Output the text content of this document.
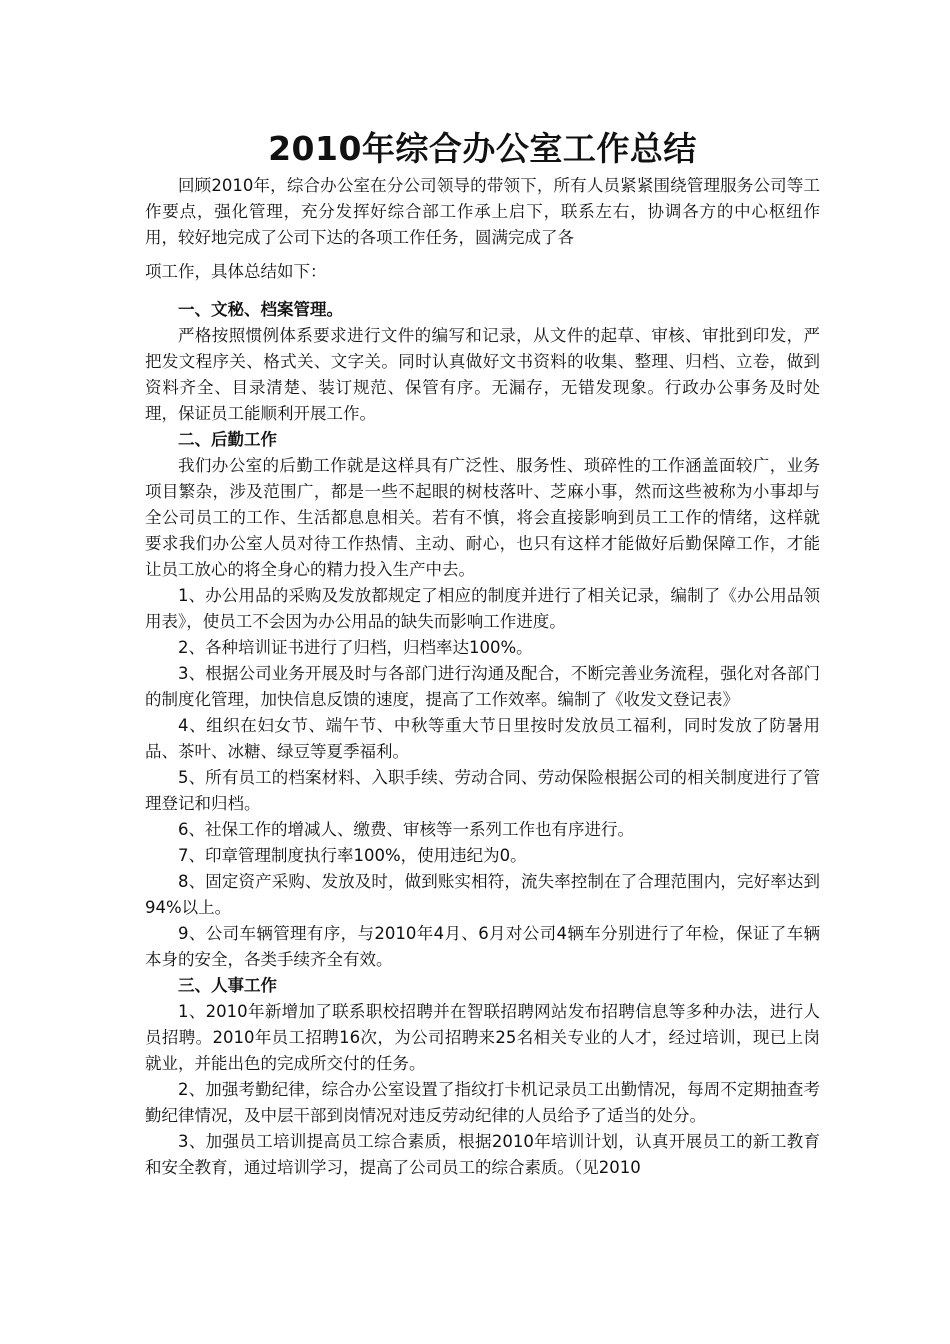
2010年综合办公室工作总结

回顾2010年，综合办公室在分公司领导的带领下，所有人员紧紧围绕管理服务公司等工作要点，强化管理，充分发挥好综合部工作承上启下，联系左右，协调各方的中心枢纽作用，较好地完成了公司下达的各项工作任务，圆满完成了各

项工作，具体总结如下：

一、文秘、档案管理。

严格按照惯例体系要求进行文件的编写和记录，从文件的起草、审核、审批到印发，严把发文程序关、格式关、文字关。同时认真做好文书资料的收集、整理、归档、立卷，做到资料齐全、目录清楚、装订规范、保管有序。无漏存，无错发现象。行政办公事务及时处理，保证员工能顺利开展工作。

二、后勤工作

我们办公室的后勤工作就是这样具有广泛性、服务性、琐碎性的工作涵盖面较广，业务项目繁杂，涉及范围广，都是一些不起眼的树枝落叶、芝麻小事，然而这些被称为小事却与全公司员工的工作、生活都息息相关。若有不慎，将会直接影响到员工工作的情绪，这样就要求我们办公室人员对待工作热情、主动、耐心，也只有这样才能做好后勤保障工作，才能让员工放心的将全身心的精力投入生产中去。

1、办公用品的采购及发放都规定了相应的制度并进行了相关记录，编制了《办公用品领用表》，使员工不会因为办公用品的缺失而影响工作进度。

2、各种培训证书进行了归档，归档率达100%。

3、根据公司业务开展及时与各部门进行沟通及配合，不断完善业务流程，强化对各部门的制度化管理，加快信息反馈的速度，提高了工作效率。编制了《收发文登记表》

4、组织在妇女节、端午节、中秋等重大节日里按时发放员工福利，同时发放了防暑用品、茶叶、冰糖、绿豆等夏季福利。

5、所有员工的档案材料、入职手续、劳动合同、劳动保险根据公司的相关制度进行了管理登记和归档。

6、社保工作的增减人、缴费、审核等一系列工作也有序进行。

7、印章管理制度执行率100%，使用违纪为0。

8、固定资产采购、发放及时，做到账实相符，流失率控制在了合理范围内，完好率达到94%以上。

9、公司车辆管理有序，与2010年4月、6月对公司4辆车分别进行了年检，保证了车辆本身的安全，各类手续齐全有效。

三、人事工作

1、2010年新增加了联系职校招聘并在智联招聘网站发布招聘信息等多种办法，进行人员招聘。2010年员工招聘16次，为公司招聘来25名相关专业的人才，经过培训，现已上岗就业，并能出色的完成所交付的任务。

2、加强考勤纪律，综合办公室设置了指纹打卡机记录员工出勤情况，每周不定期抽查考勤纪律情况，及中层干部到岗情况对违反劳动纪律的人员给予了适当的处分。

3、加强员工培训提高员工综合素质，根据2010年培训计划，认真开展员工的新工教育和安全教育，通过培训学习，提高了公司员工的综合素质。（见2010
